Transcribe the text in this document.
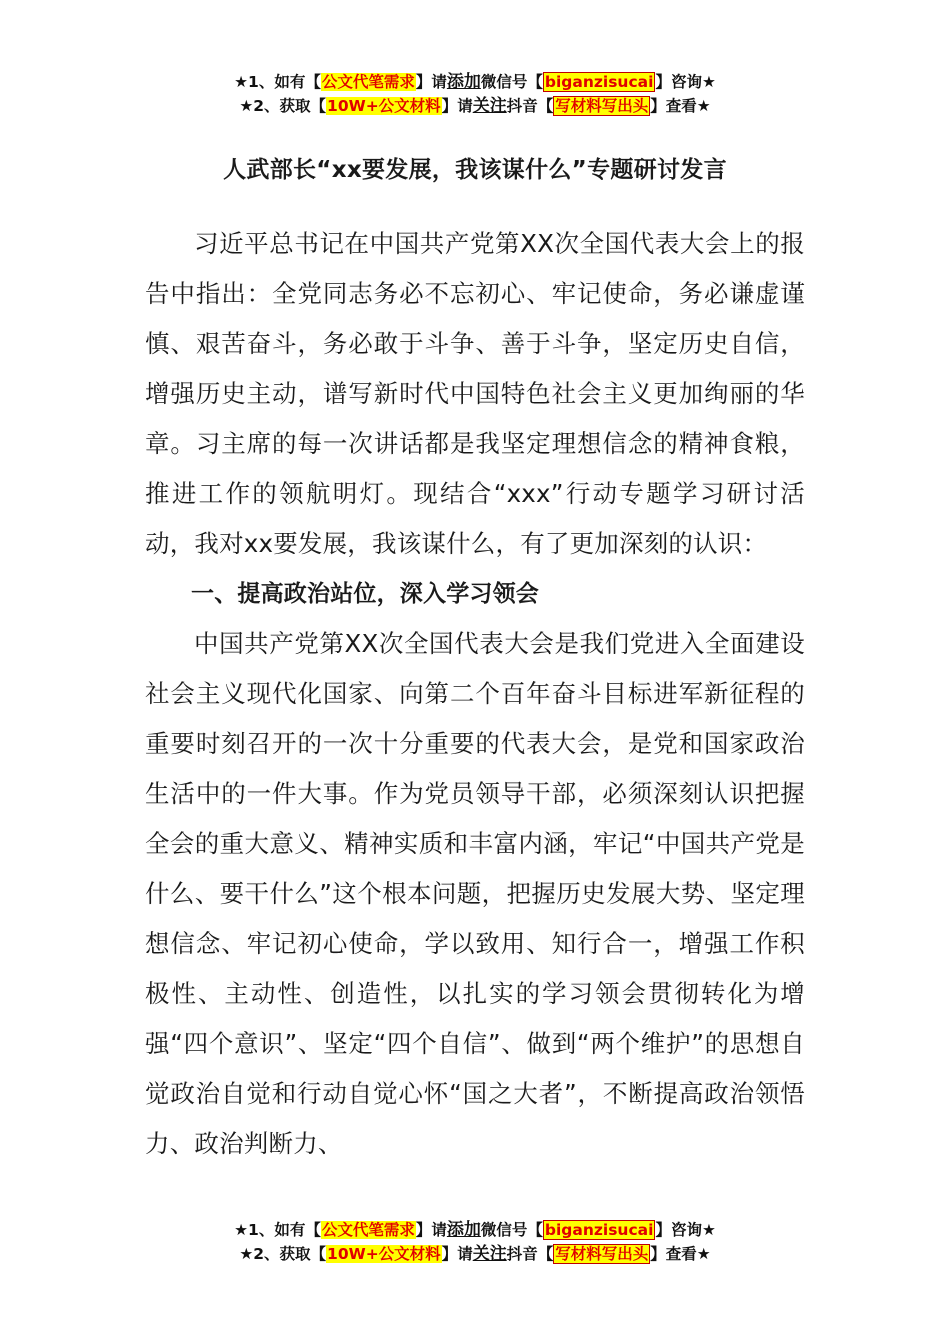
★1、如有【公文代笔需求】请添加微信号【 biganzisucai 】咨询★
★2、获取【10W+公文材料】请关注抖音【 写材料写出头 】查看★
人武部长“xx要发展，我该谋什么”专题研讨发言

习近平总书记在中国共产党第XX次全国代表大会上的报告中指出：全党同志务必不忘初心、牢记使命，务必谦虚谨慎、艰苦奋斗，务必敢于斗争、善于斗争，坚定历史自信，增强历史主动，谱写新时代中国特色社会主义更加绚丽的华章。习主席的每一次讲话都是我坚定理想信念的精神食粮，推进工作的领航明灯。现结合“xxx”行动专题学习研讨活动，我对xx要发展，我该谋什么，有了更加深刻的认识：

一、提高政治站位，深入学习领会

中国共产党第XX次全国代表大会是我们党进入全面建设社会主义现代化国家、向第二个百年奋斗目标进军新征程的重要时刻召开的一次十分重要的代表大会，是党和国家政治生活中的一件大事。作为党员领导干部，必须深刻认识把握全会的重大意义、精神实质和丰富内涵，牢记“中国共产党是什么、要干什么”这个根本问题，把握历史发展大势、坚定理想信念、牢记初心使命，学以致用、知行合一，增强工作积极性、主动性、创造性，以扎实的学习领会贯彻转化为增强“四个意识”、坚定“四个自信”、做到“两个维护”的思想自觉政治自觉和行动自觉心怀“国之大者”，不断提高政治领悟力、政治判断力、

★1、如有【公文代笔需求】请添加微信号【 biganzisucai 】咨询★
★2、获取【10W+公文材料】请关注抖音【 写材料写出头 】查看★
